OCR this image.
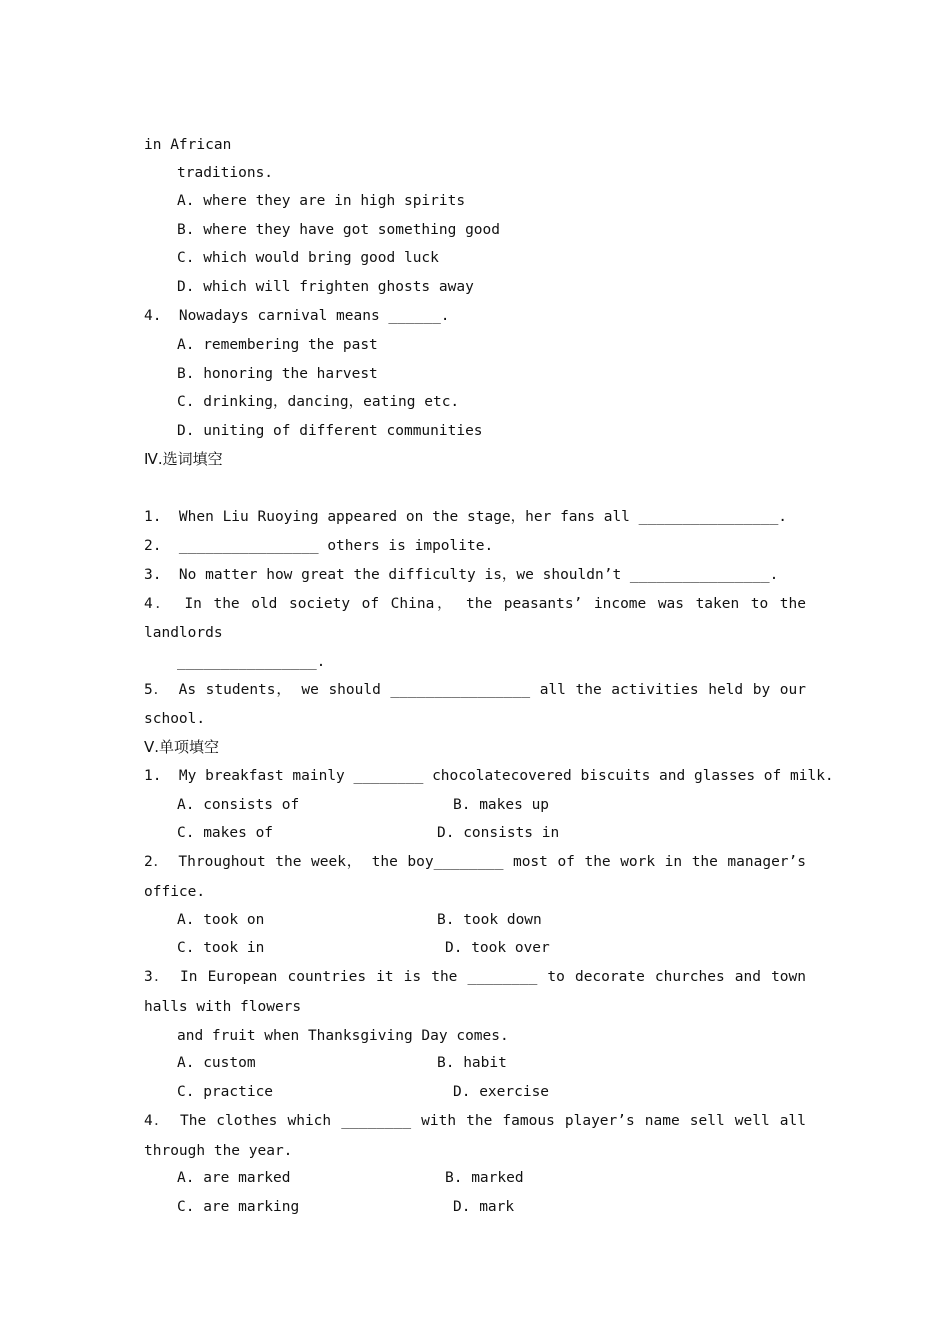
in African
traditions.
A. where they are in high spirits
B. where they have got something good
C. which would bring good luck
D. which will frighten ghosts away
4.  Nowadays carnival means ______.
A. remembering the past
B. honoring the harvest
C. drinking，dancing，eating etc.
D. uniting of different communities
Ⅳ.选词填空
1.  When Liu Ruoying appeared on the stage，her fans all ________________.
2.  ________________ others is impolite.
3.  No matter how great the difficulty is，we shouldn’t ________________.
4． In the old society of China， the peasants’ income was taken to the
landlords
________________.
5． As students， we should ________________ all the activities held by our
school.
Ⅴ.单项填空
1.  My breakfast mainly ________ chocolatecovered biscuits and glasses of milk.
A. consists of	B. makes up
C. makes of	D. consists in
2． Throughout the week， the boy________ most of the work in the manager’s
office.
A. took on	B. took down
C. took in	D. took over
3． In European countries it is the ________ to decorate churches and town
halls with flowers
and fruit when Thanksgiving Day comes.
A. custom	B. habit
C. practice	D. exercise
4． The clothes which ________ with the famous player’s name sell well all
through the year.
A. are marked	B. marked
C. are marking	D. mark
